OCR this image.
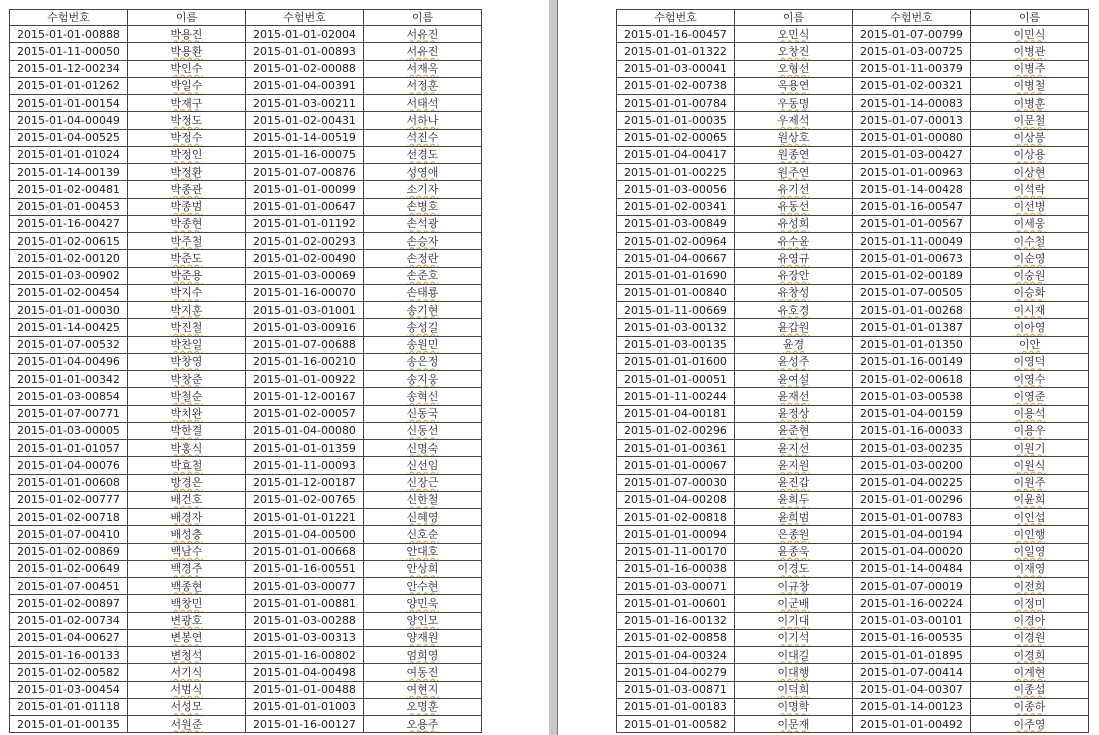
수험번호	이름	수험번호	이름
2015-01-01-00888	박용진	2015-01-01-02004	서유진
2015-01-11-00050	박용환	2015-01-01-00893	서유진
2015-01-12-00234	박인수	2015-01-02-00088	서재옥
2015-01-01-01262	박일수	2015-01-04-00391	서정훈
2015-01-01-00154	박재구	2015-01-03-00211	서태석
2015-01-04-00049	박정도	2015-01-02-00431	서하나
2015-01-04-00525	박정수	2015-01-14-00519	석진수
2015-01-01-01024	박정인	2015-01-16-00075	선경도
2015-01-14-00139	박정환	2015-01-07-00876	성영애
2015-01-02-00481	박종관	2015-01-01-00099	소기자
2015-01-01-00453	박종범	2015-01-01-00647	손병호
2015-01-16-00427	박종현	2015-01-01-01192	손석광
2015-01-02-00615	박주철	2015-01-02-00293	손승자
2015-01-02-00120	박준도	2015-01-02-00490	손정란
2015-01-03-00902	박준용	2015-01-03-00069	손준호
2015-01-02-00454	박지수	2015-01-16-00070	손태룡
2015-01-01-00030	박지훈	2015-01-03-01001	송기현
2015-01-14-00425	박진철	2015-01-03-00916	송성길
2015-01-07-00532	박찬일	2015-01-07-00688	송원민
2015-01-04-00496	박창영	2015-01-16-00210	송은정
2015-01-01-00342	박창준	2015-01-01-00922	송지웅
2015-01-03-00854	박철순	2015-01-12-00167	송혁신
2015-01-07-00771	박치완	2015-01-02-00057	신동국
2015-01-03-00005	박한결	2015-01-04-00080	신동선
2015-01-01-01057	박홍식	2015-01-01-01359	신명숙
2015-01-04-00076	박효철	2015-01-11-00093	신선임
2015-01-01-00608	방경은	2015-01-12-00187	신장근
2015-01-02-00777	배건호	2015-01-02-00765	신한철
2015-01-02-00718	배경자	2015-01-01-01221	신혜영
2015-01-07-00410	배성충	2015-01-04-00500	신호순
2015-01-02-00869	백남수	2015-01-01-00668	안대호
2015-01-02-00649	백경주	2015-01-16-00551	안상희
2015-01-07-00451	백종현	2015-01-03-00077	안수현
2015-01-02-00897	백창민	2015-01-01-00881	양민욱
2015-01-02-00734	변광호	2015-01-03-00288	양인모
2015-01-04-00627	변봉연	2015-01-03-00313	양재원
2015-01-16-00133	변청석	2015-01-16-00802	엄희영
2015-01-02-00582	서기식	2015-01-04-00498	여동진
2015-01-03-00454	서범식	2015-01-01-00488	여현지
2015-01-01-01118	서성모	2015-01-01-01003	오명훈
2015-01-01-00135	서원준	2015-01-16-00127	오용주
수험번호	이름	수험번호	이름
2015-01-16-00457	오민식	2015-01-07-00799	이민식
2015-01-01-01322	오창진	2015-01-03-00725	이병관
2015-01-03-00041	오형선	2015-01-11-00379	이병주
2015-01-02-00738	옥용연	2015-01-02-00321	이병철
2015-01-01-00784	우동명	2015-01-14-00083	이병훈
2015-01-01-00035	우제석	2015-01-07-00013	이문철
2015-01-02-00065	원상호	2015-01-01-00080	이상봉
2015-01-04-00417	원종연	2015-01-03-00427	이상용
2015-01-01-00225	원주연	2015-01-01-00963	이상현
2015-01-03-00056	유기선	2015-01-14-00428	이석락
2015-01-02-00341	유동선	2015-01-16-00547	이선병
2015-01-03-00849	유성희	2015-01-01-00567	이세웅
2015-01-02-00964	유수윤	2015-01-11-00049	이수철
2015-01-04-00667	유영규	2015-01-01-00673	이순영
2015-01-01-01690	유장안	2015-01-02-00189	이숭원
2015-01-01-00840	유창성	2015-01-07-00505	이승화
2015-01-11-00669	유호경	2015-01-01-00268	이시재
2015-01-03-00132	윤갑원	2015-01-01-01387	이아영
2015-01-03-00135	윤경	2015-01-01-01350	이안
2015-01-01-01600	윤성주	2015-01-16-00149	이영덕
2015-01-01-00051	윤여설	2015-01-02-00618	이영수
2015-01-11-00244	윤재선	2015-01-03-00538	이영준
2015-01-04-00181	윤정상	2015-01-04-00159	이용석
2015-01-02-00296	윤준현	2015-01-16-00033	이용우
2015-01-01-00361	윤지선	2015-01-03-00235	이원기
2015-01-01-00067	윤지원	2015-01-03-00200	이원식
2015-01-07-00030	윤진갑	2015-01-04-00225	이원주
2015-01-04-00208	윤희두	2015-01-01-00296	이윤희
2015-01-02-00818	윤희범	2015-01-01-00783	이인섭
2015-01-01-00094	은종원	2015-01-04-00194	이인행
2015-01-11-00170	윤종욱	2015-01-04-00020	이일영
2015-01-16-00038	이경도	2015-01-14-00484	이재영
2015-01-03-00071	이규창	2015-01-07-00019	이전희
2015-01-01-00601	이군배	2015-01-16-00224	이정미
2015-01-16-00132	이기대	2015-01-03-00101	이경아
2015-01-02-00858	이기석	2015-01-16-00535	이경원
2015-01-04-00324	이대길	2015-01-01-01895	이경희
2015-01-04-00279	이대행	2015-01-07-00414	이계현
2015-01-03-00871	이덕희	2015-01-04-00307	이종섭
2015-01-01-00183	이명학	2015-01-14-00123	이종하
2015-01-01-00582	이문재	2015-01-01-00492	이주영
